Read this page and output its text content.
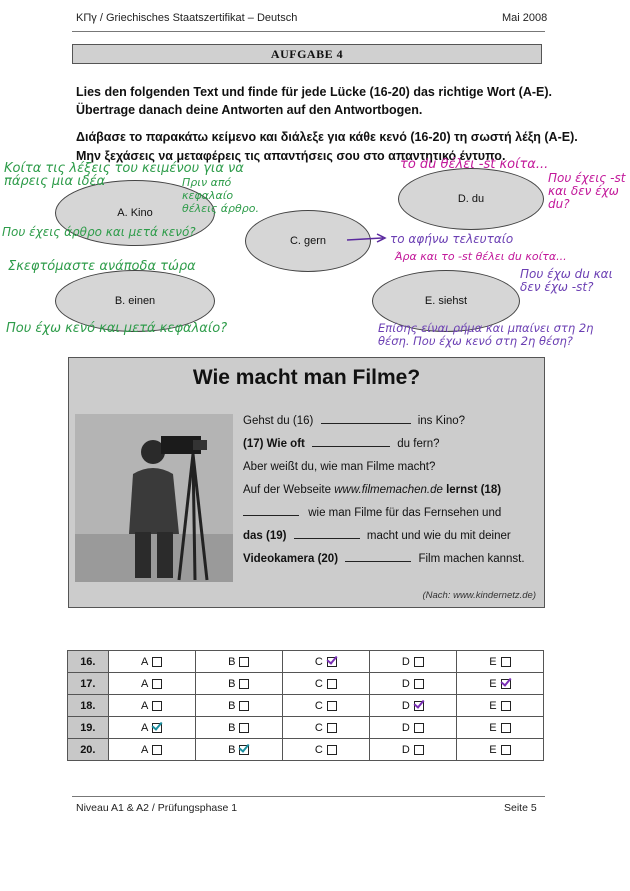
ΚΠγ / Griechisches Staatszertifikat – Deutsch	Mai 2008
AUFGABE 4
Lies den folgenden Text und finde für jede Lücke (16-20) das richtige Wort (A-E).
Übertrage danach deine Antworten auf den Antwortbogen.
Διάβασε το παρακάτω κείμενο και διάλεξε για κάθε κενό (16-20) τη σωστή λέξη (A-E).
Μην ξεχάσεις να μεταφέρεις τις απαντήσεις σου στο απαντητικό έντυπο.
A. Kino
B. einen
C. gern
D. du
E. siehst
Κοίτα τις λέξεις του κειμένου για να πάρεις μια ιδέα	Πριν από κεφαλαίο θέλεις άρθρο.
Που έχεις άρθρο και μετά κενό?
Σκεφτόμαστε ανάποδα τώρα
Που έχω κενό και μετά κεφαλαίο?
το du θέλει -st κοίτα...
Που έχεις -st και δεν έχω du?
το αφήνω τελευταίο
Άρα και το -st θέλει du κοίτα...
Που έχω du και δεν έχω -st?
Επίσης είναι ρήμα και μπαίνει στη 2η θέση. Που έχω κενό στη 2η θέση?
Wie macht man Filme?
Gehst du (16)	ins Kino?
(17) Wie oft	du fern?
Aber weißt du, wie man Filme macht?
Auf der Webseite www.filmemachen.de lernst (18)
wie man Filme für das Fernsehen und
das (19)	macht und wie du mit deiner
Videokamera (20)	Film machen kannst.
(Nach: www.kindernetz.de)
16.	A	B	C	D	E
17.	A	B	C	D	E
18.	A	B	C	D	E
19.	A	B	C	D	E
20.	A	B	C	D	E
Niveau A1 & A2 / Prüfungsphase 1	Seite 5
